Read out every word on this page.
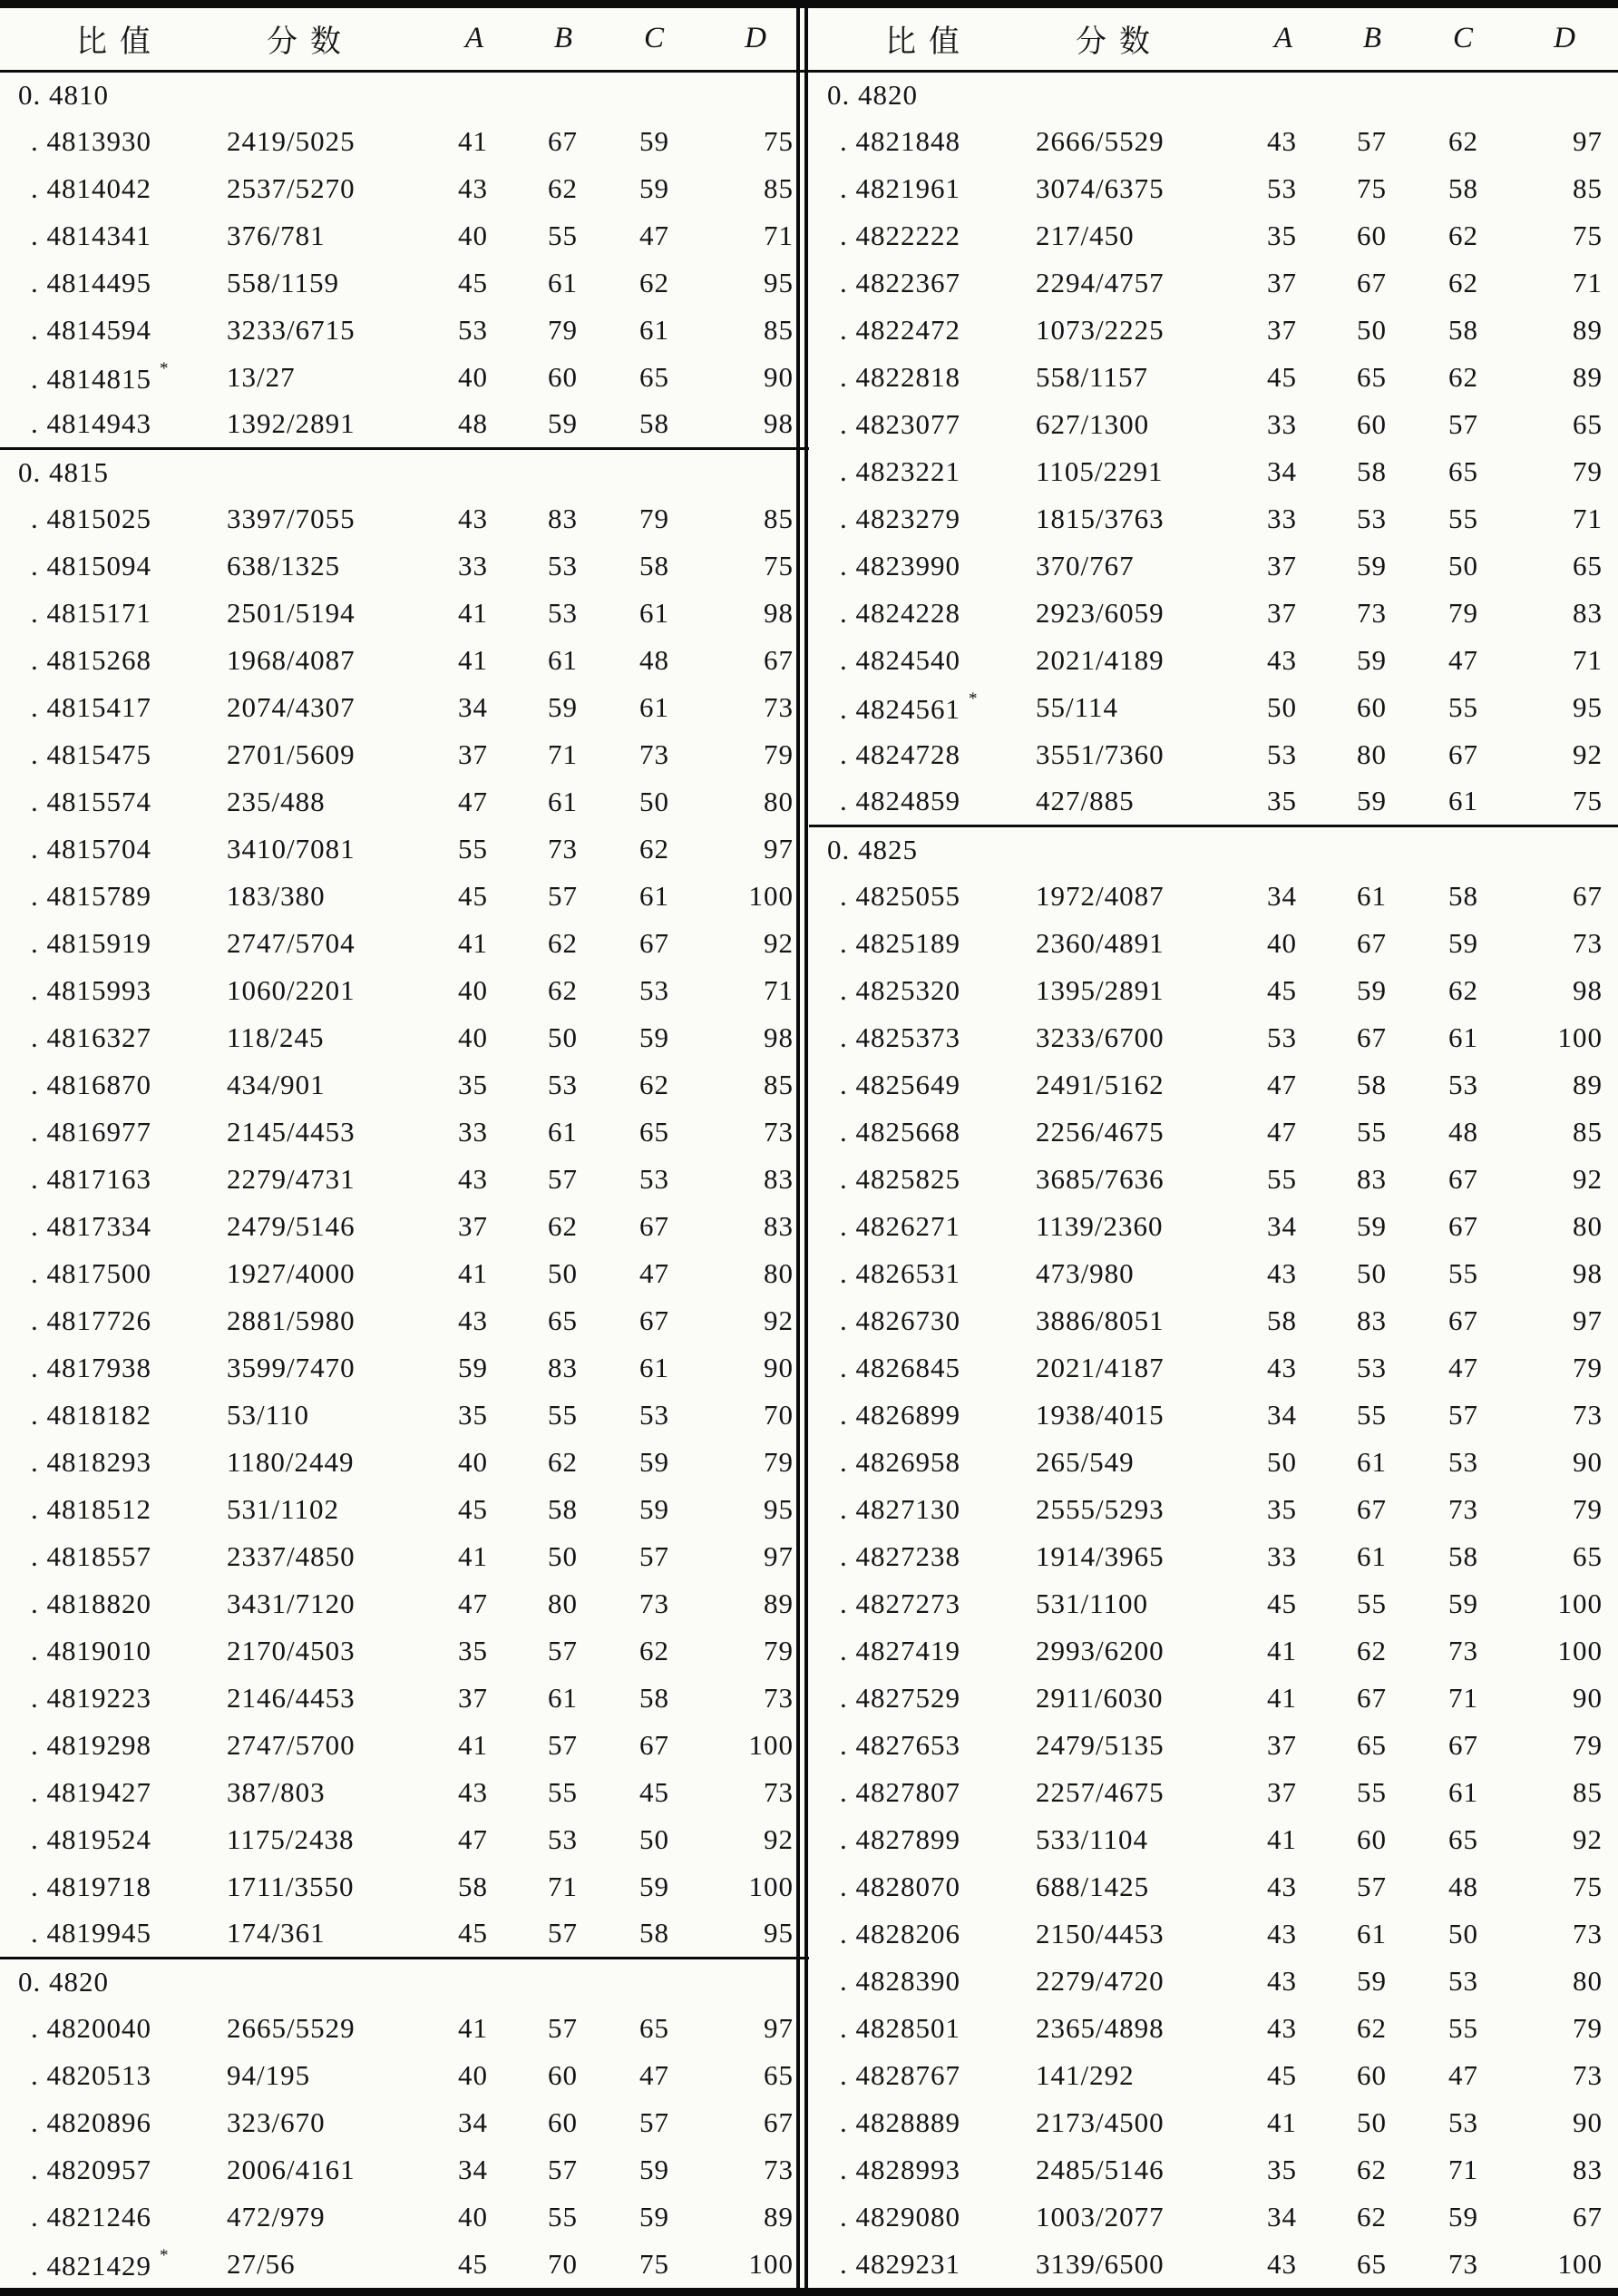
比值	分数	A	B	C	D
0. 4810					
. 4813930	2419/5025	41	67	59	75
. 4814042	2537/5270	43	62	59	85
. 4814341	376/781	40	55	47	71
. 4814495	558/1159	45	61	62	95
. 4814594	3233/6715	53	79	61	85
. 4814815 *	13/27	40	60	65	90
. 4814943	1392/2891	48	59	58	98
0. 4815					
. 4815025	3397/7055	43	83	79	85
. 4815094	638/1325	33	53	58	75
. 4815171	2501/5194	41	53	61	98
. 4815268	1968/4087	41	61	48	67
. 4815417	2074/4307	34	59	61	73
. 4815475	2701/5609	37	71	73	79
. 4815574	235/488	47	61	50	80
. 4815704	3410/7081	55	73	62	97
. 4815789	183/380	45	57	61	100
. 4815919	2747/5704	41	62	67	92
. 4815993	1060/2201	40	62	53	71
. 4816327	118/245	40	50	59	98
. 4816870	434/901	35	53	62	85
. 4816977	2145/4453	33	61	65	73
. 4817163	2279/4731	43	57	53	83
. 4817334	2479/5146	37	62	67	83
. 4817500	1927/4000	41	50	47	80
. 4817726	2881/5980	43	65	67	92
. 4817938	3599/7470	59	83	61	90
. 4818182	53/110	35	55	53	70
. 4818293	1180/2449	40	62	59	79
. 4818512	531/1102	45	58	59	95
. 4818557	2337/4850	41	50	57	97
. 4818820	3431/7120	47	80	73	89
. 4819010	2170/4503	35	57	62	79
. 4819223	2146/4453	37	61	58	73
. 4819298	2747/5700	41	57	67	100
. 4819427	387/803	43	55	45	73
. 4819524	1175/2438	47	53	50	92
. 4819718	1711/3550	58	71	59	100
. 4819945	174/361	45	57	58	95
0. 4820					
. 4820040	2665/5529	41	57	65	97
. 4820513	94/195	40	60	47	65
. 4820896	323/670	34	60	57	67
. 4820957	2006/4161	34	57	59	73
. 4821246	472/979	40	55	59	89
. 4821429 *	27/56	45	70	75	100
比值	分数	A	B	C	D
0. 4820					
. 4821848	2666/5529	43	57	62	97
. 4821961	3074/6375	53	75	58	85
. 4822222	217/450	35	60	62	75
. 4822367	2294/4757	37	67	62	71
. 4822472	1073/2225	37	50	58	89
. 4822818	558/1157	45	65	62	89
. 4823077	627/1300	33	60	57	65
. 4823221	1105/2291	34	58	65	79
. 4823279	1815/3763	33	53	55	71
. 4823990	370/767	37	59	50	65
. 4824228	2923/6059	37	73	79	83
. 4824540	2021/4189	43	59	47	71
. 4824561 *	55/114	50	60	55	95
. 4824728	3551/7360	53	80	67	92
. 4824859	427/885	35	59	61	75
0. 4825					
. 4825055	1972/4087	34	61	58	67
. 4825189	2360/4891	40	67	59	73
. 4825320	1395/2891	45	59	62	98
. 4825373	3233/6700	53	67	61	100
. 4825649	2491/5162	47	58	53	89
. 4825668	2256/4675	47	55	48	85
. 4825825	3685/7636	55	83	67	92
. 4826271	1139/2360	34	59	67	80
. 4826531	473/980	43	50	55	98
. 4826730	3886/8051	58	83	67	97
. 4826845	2021/4187	43	53	47	79
. 4826899	1938/4015	34	55	57	73
. 4826958	265/549	50	61	53	90
. 4827130	2555/5293	35	67	73	79
. 4827238	1914/3965	33	61	58	65
. 4827273	531/1100	45	55	59	100
. 4827419	2993/6200	41	62	73	100
. 4827529	2911/6030	41	67	71	90
. 4827653	2479/5135	37	65	67	79
. 4827807	2257/4675	37	55	61	85
. 4827899	533/1104	41	60	65	92
. 4828070	688/1425	43	57	48	75
. 4828206	2150/4453	43	61	50	73
. 4828390	2279/4720	43	59	53	80
. 4828501	2365/4898	43	62	55	79
. 4828767	141/292	45	60	47	73
. 4828889	2173/4500	41	50	53	90
. 4828993	2485/5146	35	62	71	83
. 4829080	1003/2077	34	62	59	67
. 4829231	3139/6500	43	65	73	100
